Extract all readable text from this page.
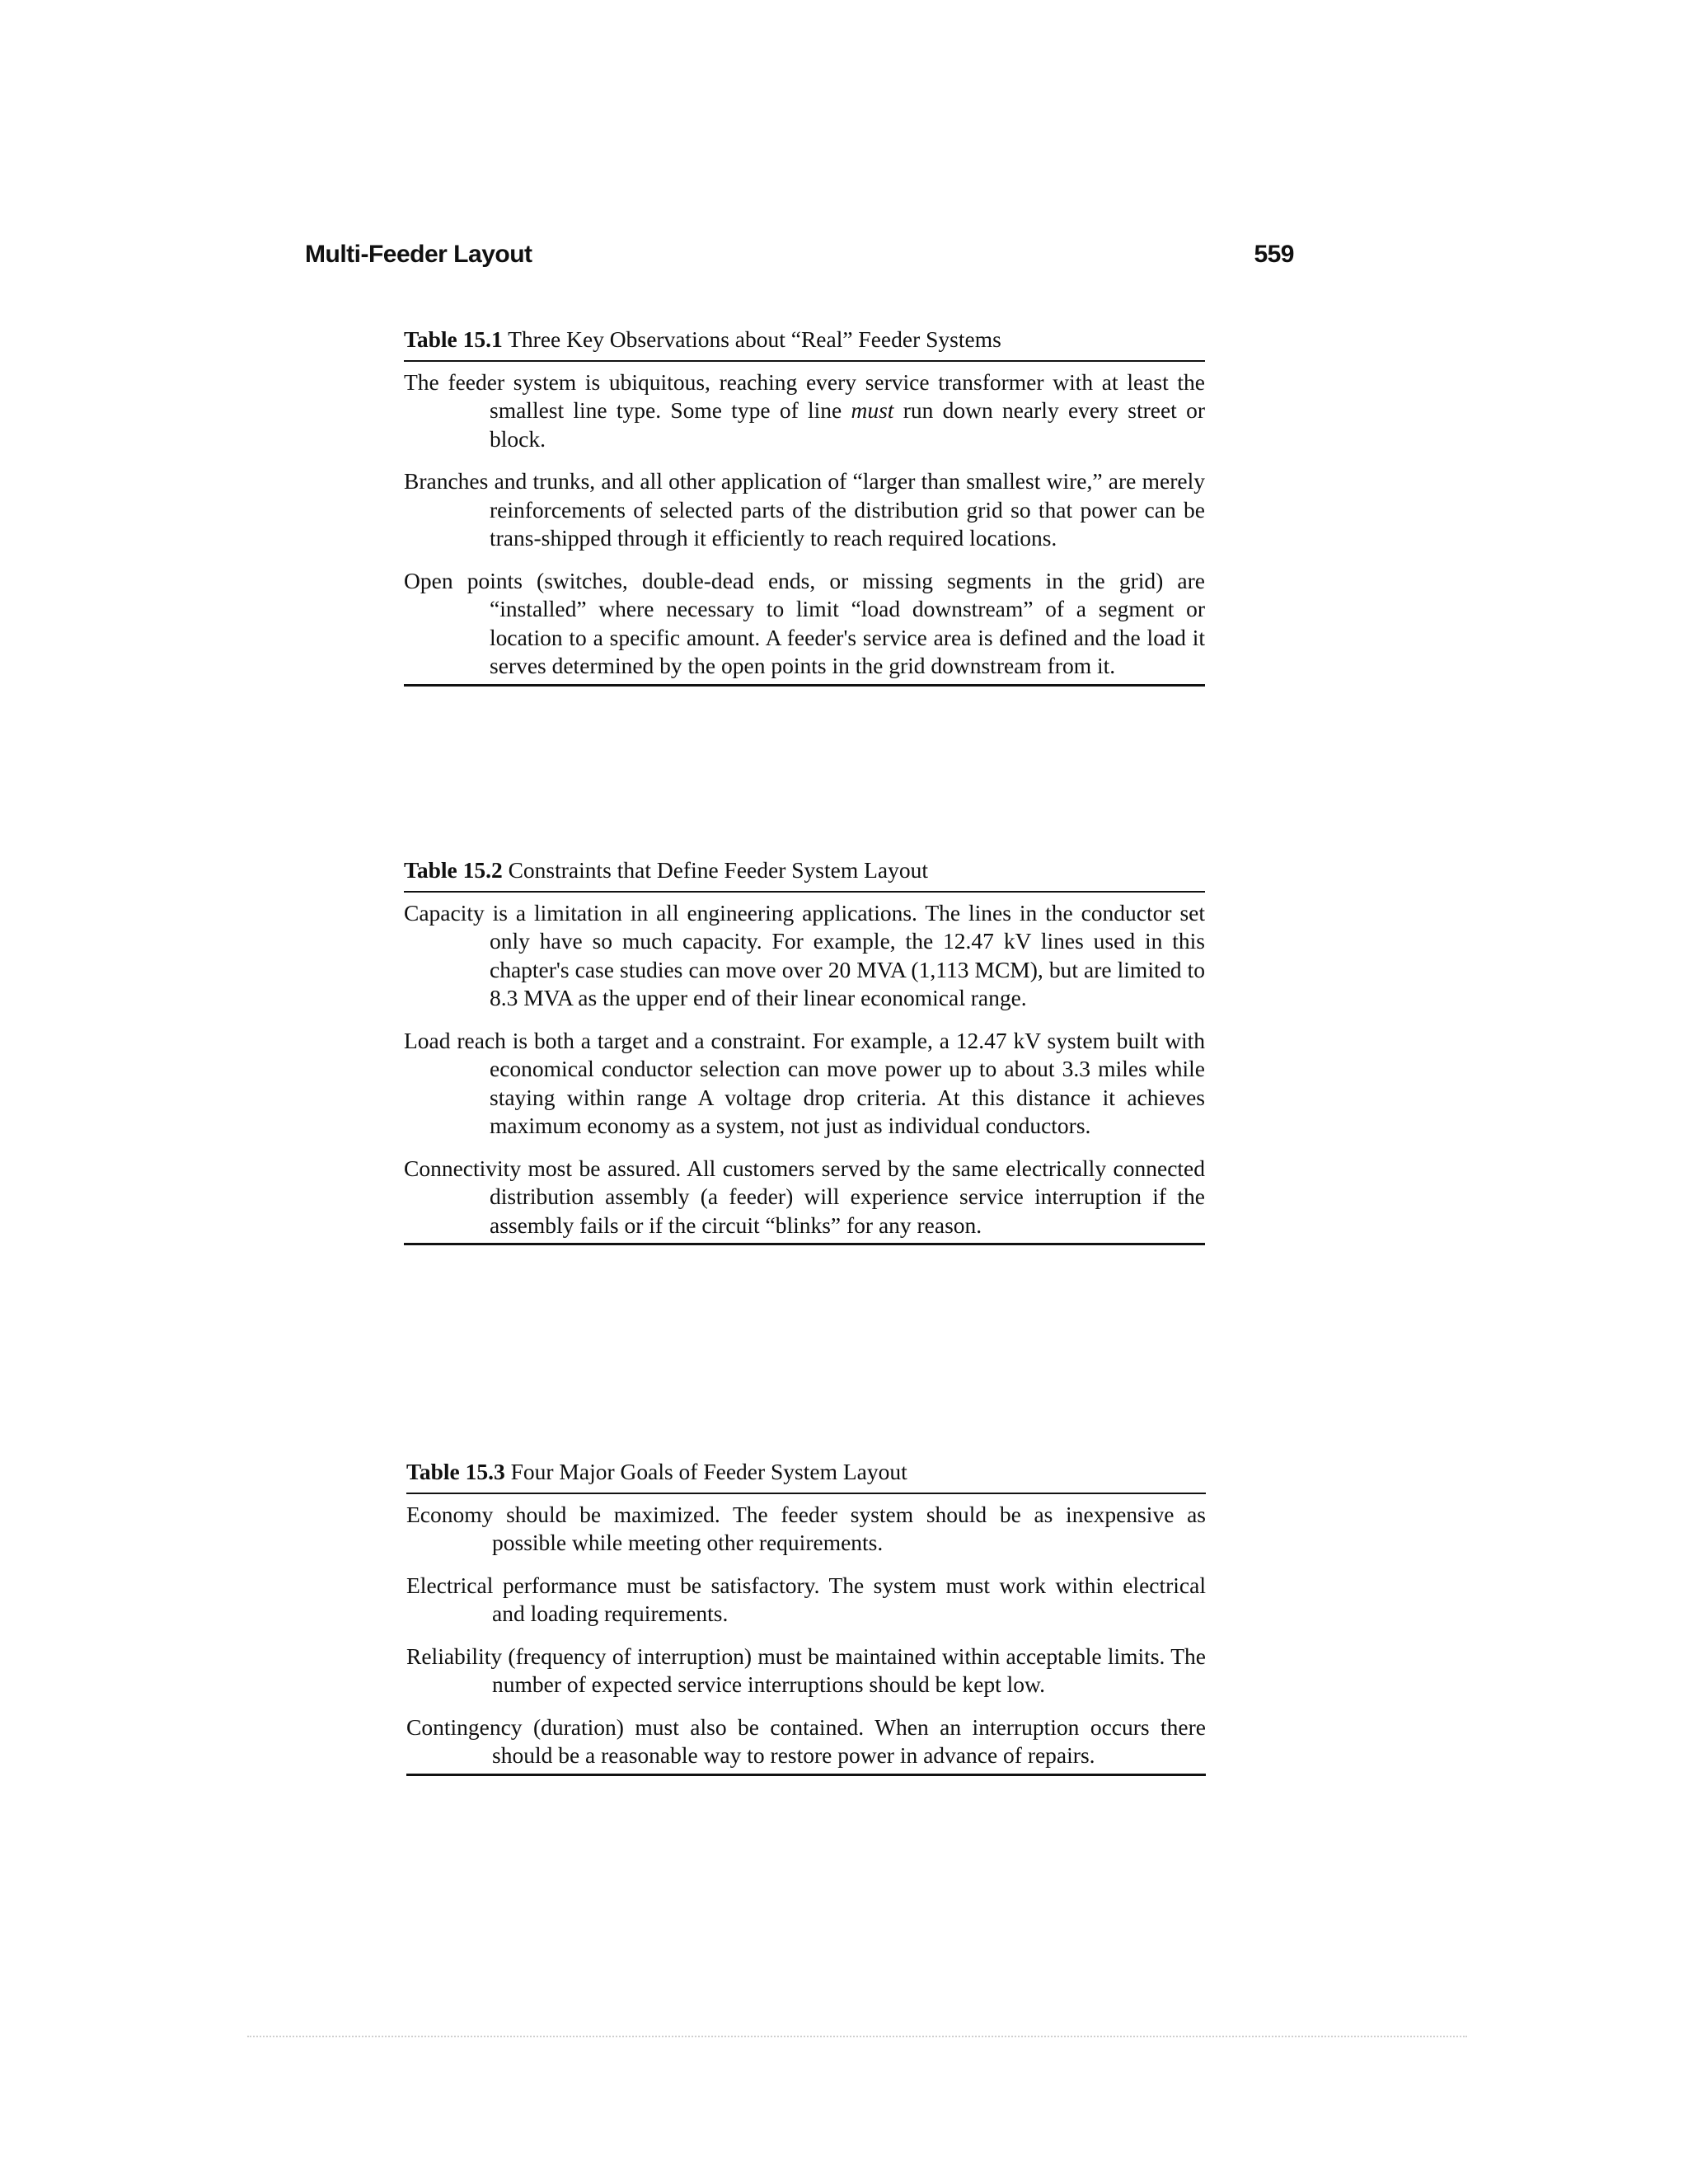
Multi-Feeder Layout	559
Table 15.1 Three Key Observations about “Real” Feeder Systems

The feeder system is ubiquitous, reaching every service transformer with at least the smallest line type. Some type of line must run down nearly every street or block.

Branches and trunks, and all other application of “larger than smallest wire,” are merely reinforcements of selected parts of the distribution grid so that power can be trans-shipped through it efficiently to reach required locations.

Open points (switches, double-dead ends, or missing segments in the grid) are “installed” where necessary to limit “load downstream” of a segment or location to a specific amount. A feeder's service area is defined and the load it serves determined by the open points in the grid downstream from it.

Table 15.2 Constraints that Define Feeder System Layout

Capacity is a limitation in all engineering applications. The lines in the conductor set only have so much capacity. For example, the 12.47 kV lines used in this chapter's case studies can move over 20 MVA (1,113 MCM), but are limited to 8.3 MVA as the upper end of their linear economical range.

Load reach is both a target and a constraint. For example, a 12.47 kV system built with economical conductor selection can move power up to about 3.3 miles while staying within range A voltage drop criteria. At this distance it achieves maximum economy as a system, not just as individual conductors.

Connectivity most be assured. All customers served by the same electrically connected distribution assembly (a feeder) will experience service interruption if the assembly fails or if the circuit “blinks” for any reason.

Table 15.3 Four Major Goals of Feeder System Layout

Economy should be maximized. The feeder system should be as inexpensive as possible while meeting other requirements.

Electrical performance must be satisfactory. The system must work within electrical and loading requirements.

Reliability (frequency of interruption) must be maintained within acceptable limits. The number of expected service interruptions should be kept low.

Contingency (duration) must also be contained. When an interruption occurs there should be a reasonable way to restore power in advance of repairs.
